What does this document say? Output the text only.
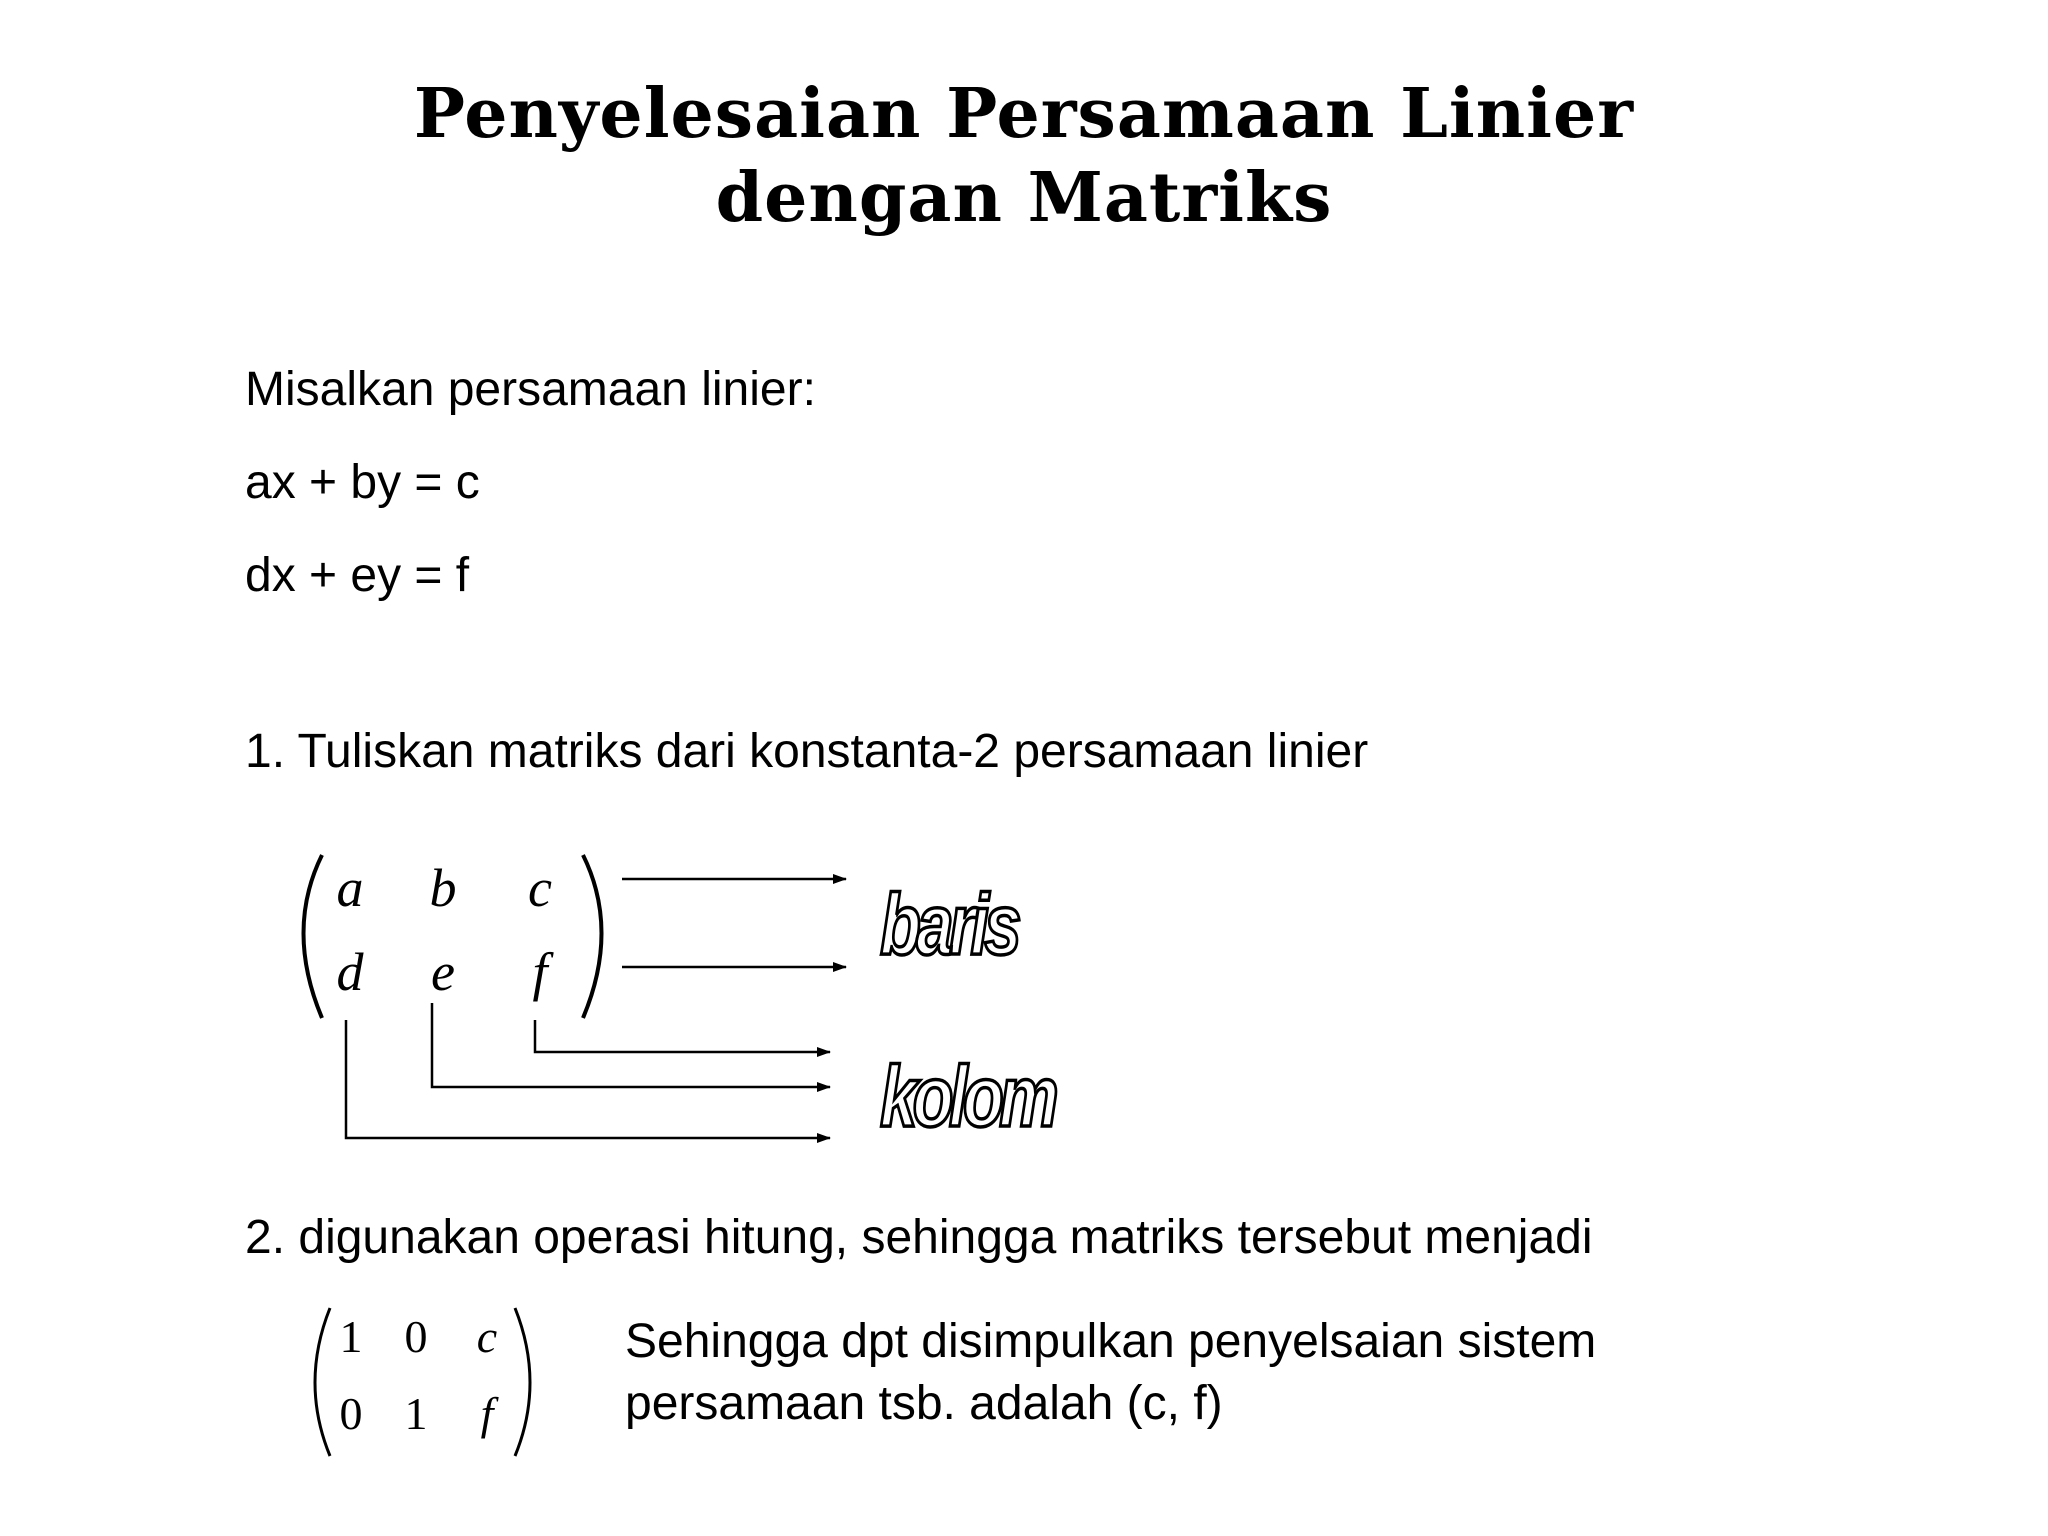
Penyelesaian Persamaan Linier
dengan Matriks
Misalkan persamaan linier:
ax + by = c
dx + ey = f
1. Tuliskan matriks dari konstanta-2 persamaan linier
a b c
d e f	baris
kolom
1 0 c
0 1 f
2. digunakan operasi hitung, sehingga matriks tersebut menjadi
Sehingga dpt disimpulkan penyelsaian sistem
persamaan tsb. adalah (c, f)
